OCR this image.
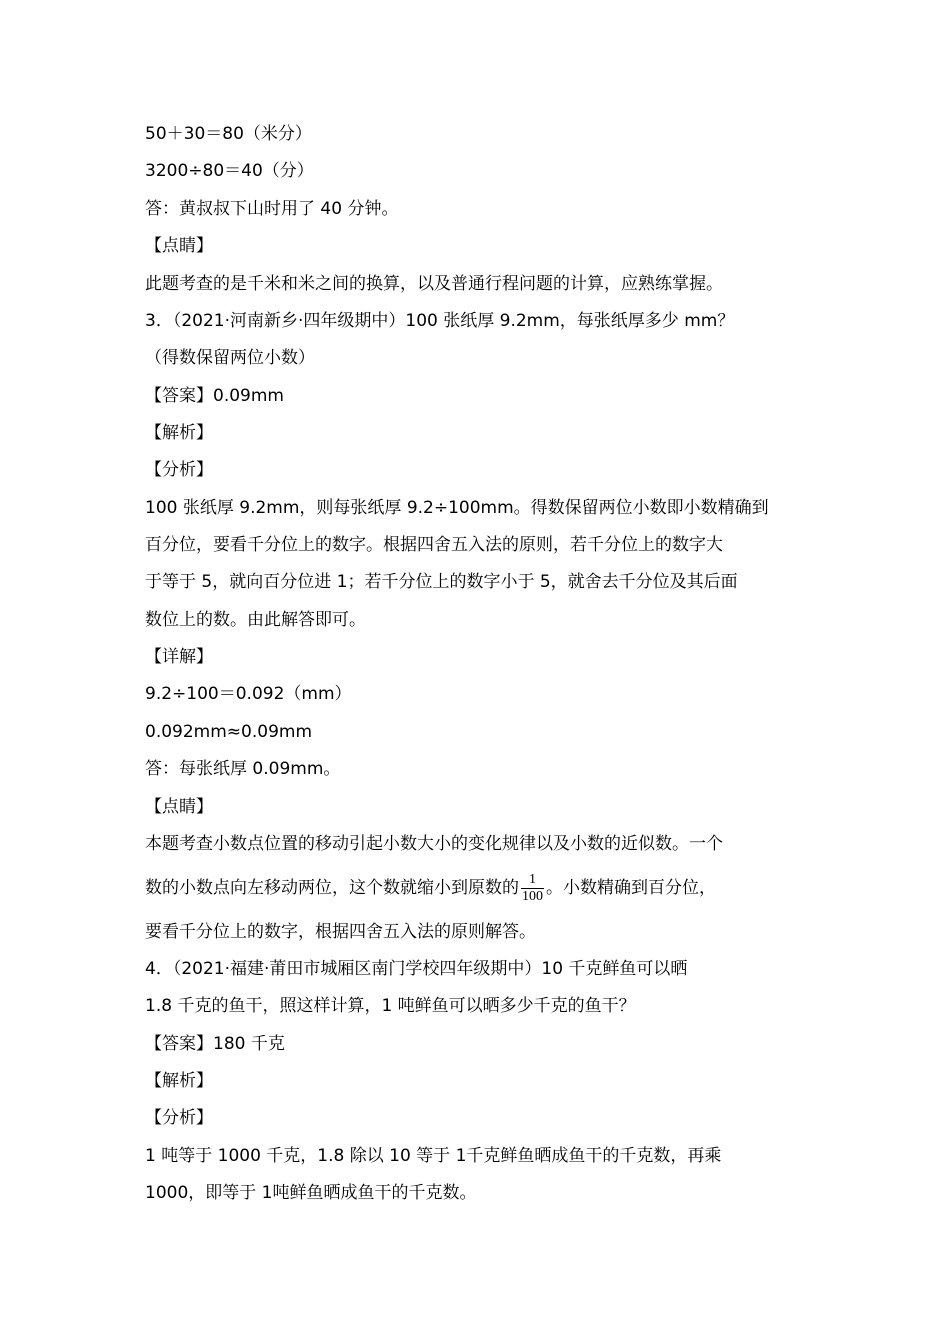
50＋30＝80（米分）
3200÷80＝40（分）
答：黄叔叔下山时用了 40 分钟。
【点睛】
此题考查的是千米和米之间的换算，以及普通行程问题的计算，应熟练掌握。
3．（2021·河南新乡·四年级期中）100 张纸厚 9.2mm，每张纸厚多少 mm？
（得数保留两位小数）
【答案】0.09mm
【解析】
【分析】
100 张纸厚 9.2mm，则每张纸厚 9.2÷100mm。得数保留两位小数即小数精确到
百分位，要看千分位上的数字。根据四舍五入法的原则，若千分位上的数字大
于等于 5，就向百分位进 1；若千分位上的数字小于 5，就舍去千分位及其后面
数位上的数。由此解答即可。
【详解】
9.2÷100＝0.092（mm）
0.092mm≈0.09mm
答：每张纸厚 0.09mm。
【点睛】
本题考查小数点位置的移动引起小数大小的变化规律以及小数的近似数。一个
数的小数点向左移动两位，这个数就缩小到原数的 $\frac{1}{100}$ 。小数精确到百分位，
要看千分位上的数字，根据四舍五入法的原则解答。
4．（2021·福建·莆田市城厢区南门学校四年级期中）10 千克鲜鱼可以晒
1.8 千克的鱼干，照这样计算，1 吨鲜鱼可以晒多少千克的鱼干？
【答案】180 千克
【解析】
【分析】
1 吨等于 1000 千克，1.8 除以 10 等于 1千克鲜鱼晒成鱼干的千克数，再乘
1000，即等于 1吨鲜鱼晒成鱼干的千克数。
